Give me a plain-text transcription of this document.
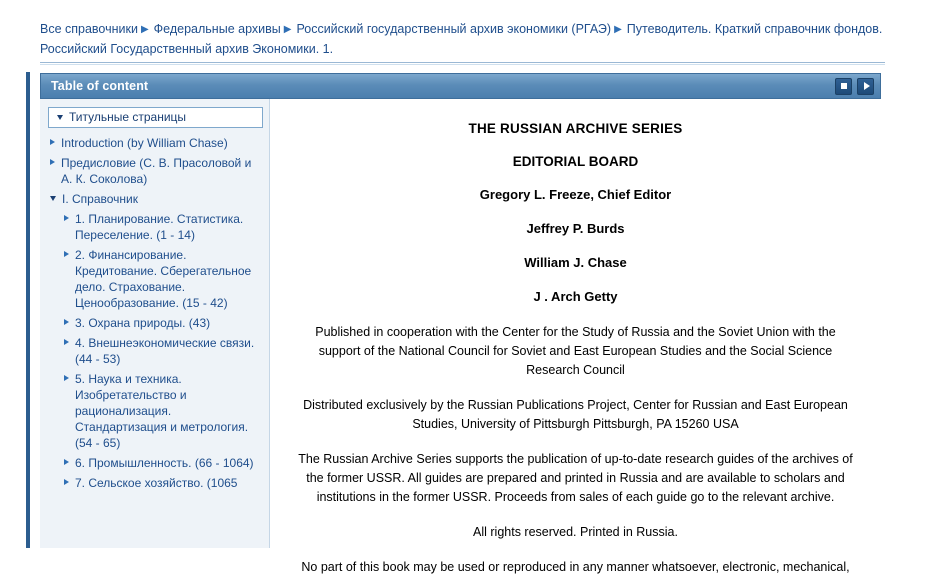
Все справочники ▶ Федеральные архивы ▶ Российский государственный архив экономики (РГАЭ) ▶ Путеводитель. Краткий справочник фондов. Российский Государственный архив Экономики. 1.
Table of content
Титульные страницы
Introduction (by William Chase)
Предисловие (С. В. Прасоловой и А. К. Соколова)
I. Справочник
1. Планирование. Статистика. Переселение. (1 - 14)
2. Финансирование. Кредитование. Сберегательное дело. Страхование. Ценообразование. (15 - 42)
3. Охрана природы. (43)
4. Внешнеэкономические связи. (44 - 53)
5. Наука и техника. Изобретательство и рационализация. Стандартизация и метрология. (54 - 65)
6. Промышленность. (66 - 1064)
7. Сельское хозяйство. (1065
THE RUSSIAN ARCHIVE SERIES
EDITORIAL BOARD
Gregory L. Freeze, Chief Editor
Jeffrey P. Burds
William J. Chase
J . Arch Getty
Published in cooperation with the Center for the Study of Russia and the Soviet Union with the support of the National Council for Soviet and East European Studies and the Social Science Research Council
Distributed exclusively by the Russian Publications Project, Center for Russian and East European Studies, University of Pittsburgh Pittsburgh, PA 15260 USA
The Russian Archive Series supports the publication of up-to-date research guides of the archives of the former USSR. All guides are prepared and printed in Russia and are available to scholars and institutions in the former USSR. Proceeds from sales of each guide go to the relevant archive.
All rights reserved. Printed in Russia.
No part of this book may be used or reproduced in any manner whatsoever, electronic, mechanical,
